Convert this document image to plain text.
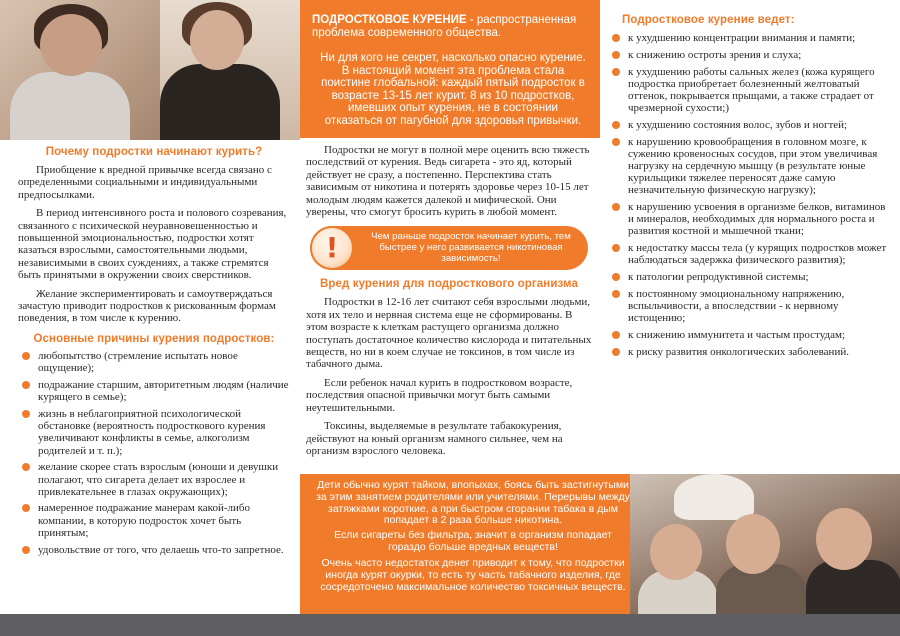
Почему подростки начинают курить?

Приобщение к вредной привычке всегда связано с определенными социальными и индивидуальными предпосылками.

В период интенсивного роста и полового созревания, связанного с психической неуравновешенностью и повышенной эмоциональностью, подростки хотят казаться взрослыми, самостоятельными людьми, независимыми в своих суждениях, а также стремятся быть принятыми в окружении своих сверстников.

Желание экспериментировать и самоутверждаться зачастую приводит подростков к рискованным формам поведения, в том числе к курению.

Основные причины курения подростков:
любопытство (стремление испытать новое ощущение);
подражание старшим, авторитетным людям (наличие курящего в семье);
жизнь в неблагоприятной психологической обстановке (вероятность подросткового курения увеличивают конфликты в семье, алкоголизм родителей и т. п.);
желание скорее стать взрослым (юноши и девушки полагают, что сигарета делает их взрослее и привлекательнее в глазах окружающих);
намеренное подражание манерам какой-либо компании, в которую подросток хочет быть принятым;
удовольствие от того, что делаешь что-то запретное.
ПОДРОСТКОВОЕ КУРЕНИЕ - распространенная проблема современного общества.
Ни для кого не секрет, насколько опасно курение. В настоящий момент эта проблема стала поистине глобальной: каждый пятый подросток в возрасте 13-15 лет курит. 8 из 10 подростков, имевших опыт курения, не в состоянии отказаться от пагубной для здоровья привычки.

Подростки не могут в полной мере оценить всю тяжесть последствий от курения. Ведь сигарета - это яд, который действует не сразу, а постепенно. Перспектива стать зависимым от никотина и потерять здоровье через 10-15 лет молодым людям кажется далекой и мифической. Они уверены, что смогут бросить курить в любой момент.

!	Чем раньше подросток начинает курить, тем быстрее у него развивается никотиновая зависимость!
Вред курения для подросткового организма

Подростки в 12-16 лет считают себя взрослыми людьми, хотя их тело и нервная система еще не сформированы. В этом возрасте к клеткам растущего организма должно поступать достаточное количество кислорода и питательных веществ, но ни в коем случае не токсинов, в том числе из табачного дыма.

Если ребенок начал курить в подростковом возрасте, последствия опасной привычки могут быть самыми неутешительными.

Токсины, выделяемые в результате табакокурения, действуют на юный организм намного сильнее, чем на организм взрослого человека.

Дети обычно курят тайком, впопыхах, боясь быть застигнутыми за этим занятием родителями или учителями. Перерывы между затяжками короткие, а при быстром сгорании табака в дым попадает в 2 раза больше никотина.
Если сигареты без фильтра, значит в организм попадает гораздо больше вредных веществ!
Очень часто недостаток денег приводит к тому, что подростки иногда курят окурки, то есть ту часть табачного изделия, где сосредоточено максимальное количество токсичных веществ.
Подростковое курение ведет:
к ухудшению концентрации внимания и памяти;
к снижению остроты зрения и слуха;
к ухудшению работы сальных желез (кожа курящего подростка приобретает болезненный желтоватый оттенок, покрывается прыщами, а также страдает от чрезмерной сухости;)
к ухудшению состояния волос, зубов и ногтей;
к нарушению кровообращения в головном мозге, к сужению кровеносных сосудов, при этом увеличивая нагрузку на сердечную мышцу (в результате юные курильщики тяжелее переносят даже самую незначительную физическую нагрузку);
к нарушению усвоения в организме белков, витаминов и минералов, необходимых для нормального роста и развития костной и мышечной ткани;
к недостатку массы тела (у курящих подростков может наблюдаться задержка физического развития);
к патологии репродуктивной системы;
к постоянному эмоциональному напряжению, вспыльчивости, а впоследствии - к нервному истощению;
к снижению иммунитета и частым простудам;
к риску развития онкологических заболеваний.
